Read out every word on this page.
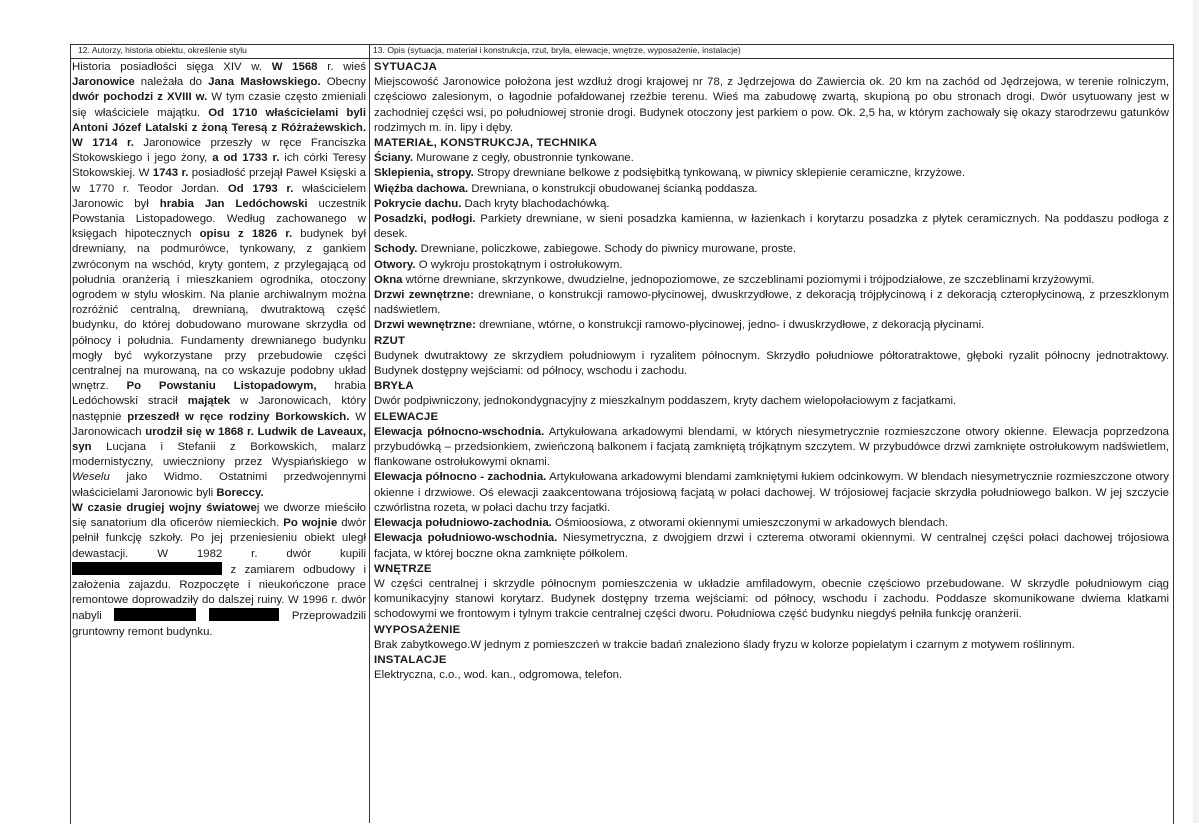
12. Autorzy, historia obiektu, określenie stylu	13. Opis (sytuacja, materiał i konstrukcja, rzut, bryła, elewacje, wnętrze, wyposażenie, instalacje)

Historia posiadłości sięga XIV w. W 1568 r. wieś Jaronowice należała do Jana Masłowskiego. Obecny dwór pochodzi z XVIII w. W tym czasie często zmieniali się właściciele majątku. Od 1710 właścicielami byli Antoni Józef Latalski z żoną Teresą z Różrażewskich. W 1714 r. Jaronowice przeszły w ręce Franciszka Stokowskiego i jego żony, a od 1733 r. ich córki Teresy Stokowskiej. W 1743 r. posiadłość przejął Paweł Księski a w 1770 r. Teodor Jordan. Od 1793 r. właścicielem Jaronowic był hrabia Jan Ledóchowski uczestnik Powstania Listopadowego. Według zachowanego w księgach hipotecznych opisu z 1826 r. budynek był drewniany, na podmurówce, tynkowany, z gankiem zwróconym na wschód, kryty gontem, z przylegającą od południa oranżerią i mieszkaniem ogrodnika, otoczony ogrodem w stylu włoskim. Na planie archiwalnym można rozróżnić centralną, drewnianą, dwutraktową część budynku, do której dobudowano murowane skrzydła od północy i południa. Fundamenty drewnianego budynku mogły być wykorzystane przy przebudowie części centralnej na murowaną, na co wskazuje podobny układ wnętrz. Po Powstaniu Listopadowym, hrabia Ledóchowski stracił majątek w Jaronowicach, który następnie przeszedł w ręce rodziny Borkowskich. W Jaronowicach urodził się w 1868 r. Ludwik de Laveaux, syn Lucjana i Stefanii z Borkowskich, malarz modernistyczny, uwieczniony przez Wyspiańskiego w Weselu jako Widmo. Ostatnimi przedwojennymi właścicielami Jaronowic byli Boreccy.

W czasie drugiej wojny światowej we dworze mieściło się sanatorium dla oficerów niemieckich. Po wojnie dwór pełnił funkcję szkoły. Po jej przeniesieniu obiekt uległ dewastacji. W 1982 r. dwór kupili  z zamiarem odbudowy i założenia zajazdu. Rozpoczęte i nieukończone prace remontowe doprowadziły do dalszej ruiny. W 1996 r. dwór nabyli	Przeprowadzili gruntowny remont budynku.

SYTUACJA

Miejscowość Jaronowice położona jest wzdłuż drogi krajowej nr 78, z Jędrzejowa do Zawiercia ok. 20 km na zachód od Jędrzejowa, w terenie rolniczym, częściowo zalesionym, o łagodnie pofałdowanej rzeźbie terenu. Wieś ma zabudowę zwartą, skupioną po obu stronach drogi. Dwór usytuowany jest w zachodniej części wsi, po południowej stronie drogi. Budynek otoczony jest parkiem o pow. Ok. 2,5 ha, w którym zachowały się okazy starodrzewu gatunków rodzimych m. in. lipy i dęby.

MATERIAŁ, KONSTRUKCJA, TECHNIKA

Ściany. Murowane z cegły, obustronnie tynkowane.

Sklepienia, stropy. Stropy drewniane belkowe z podsiębitką tynkowaną, w piwnicy sklepienie ceramiczne, krzyżowe.

Więźba dachowa. Drewniana, o konstrukcji obudowanej ścianką poddasza.

Pokrycie dachu. Dach kryty blachodachówką.

Posadzki, podłogi. Parkiety drewniane, w sieni posadzka kamienna, w łazienkach i korytarzu posadzka z płytek ceramicznych. Na poddaszu podłoga z desek.

Schody. Drewniane, policzkowe, zabiegowe. Schody do piwnicy murowane, proste.

Otwory. O wykroju prostokątnym i ostrołukowym.

Okna wtórne drewniane, skrzynkowe, dwudzielne, jednopoziomowe, ze szczeblinami poziomymi i trójpodziałowe, ze szczeblinami krzyżowymi.

Drzwi zewnętrzne: drewniane, o konstrukcji ramowo-płycinowej, dwuskrzydłowe, z dekoracją trójpłycinową i z dekoracją czteropłycinową, z przeszklonym nadświetlem.

Drzwi wewnętrzne: drewniane, wtórne, o konstrukcji ramowo-płycinowej, jedno- i dwuskrzydłowe, z dekoracją płycinami.

RZUT

Budynek dwutraktowy ze skrzydłem południowym i ryzalitem północnym. Skrzydło południowe półtoratraktowe, głęboki ryzalit północny jednotraktowy. Budynek dostępny wejściami: od północy, wschodu i zachodu.

BRYŁA

Dwór podpiwniczony, jednokondygnacyjny z mieszkalnym poddaszem, kryty dachem wielopołaciowym z facjatkami.

ELEWACJE

Elewacja północno-wschodnia. Artykułowana arkadowymi blendami, w których niesymetrycznie rozmieszczone otwory okienne. Elewacja poprzedzona przybudówką – przedsionkiem, zwieńczoną balkonem i facjatą zamkniętą trójkątnym szczytem. W przybudówce drzwi zamknięte ostrołukowym nadświetlem, flankowane ostrołukowymi oknami.

Elewacja północno - zachodnia. Artykułowana arkadowymi blendami zamkniętymi łukiem odcinkowym. W blendach niesymetrycznie rozmieszczone otwory okienne i drzwiowe. Oś elewacji zaakcentowana trójosiową facjatą w połaci dachowej. W trójosiowej facjacie skrzydła południowego balkon. W jej szczycie czwórlistna rozeta, w połaci dachu trzy facjatki.

Elewacja południowo-zachodnia. Ośmioosiowa, z otworami okiennymi umieszczonymi w arkadowych blendach.

Elewacja południowo-wschodnia. Niesymetryczna, z dwojgiem drzwi i czterema otworami okiennymi. W centralnej części połaci dachowej trójosiowa facjata, w której boczne okna zamknięte półkolem.

WNĘTRZE

W części centralnej i skrzydle północnym pomieszczenia w układzie amfiladowym, obecnie częściowo przebudowane. W skrzydle południowym ciąg komunikacyjny stanowi korytarz. Budynek dostępny trzema wejściami: od północy, wschodu i zachodu. Poddasze skomunikowane dwiema klatkami schodowymi we frontowym i tylnym trakcie centralnej części dworu. Południowa część budynku niegdyś pełniła funkcję oranżerii.

WYPOSAŻENIE

Brak zabytkowego.W jednym z pomieszczeń w trakcie badań znaleziono ślady fryzu w kolorze popielatym i czarnym z motywem roślinnym.

INSTALACJE

Elektryczna, c.o., wod. kan., odgromowa, telefon.
